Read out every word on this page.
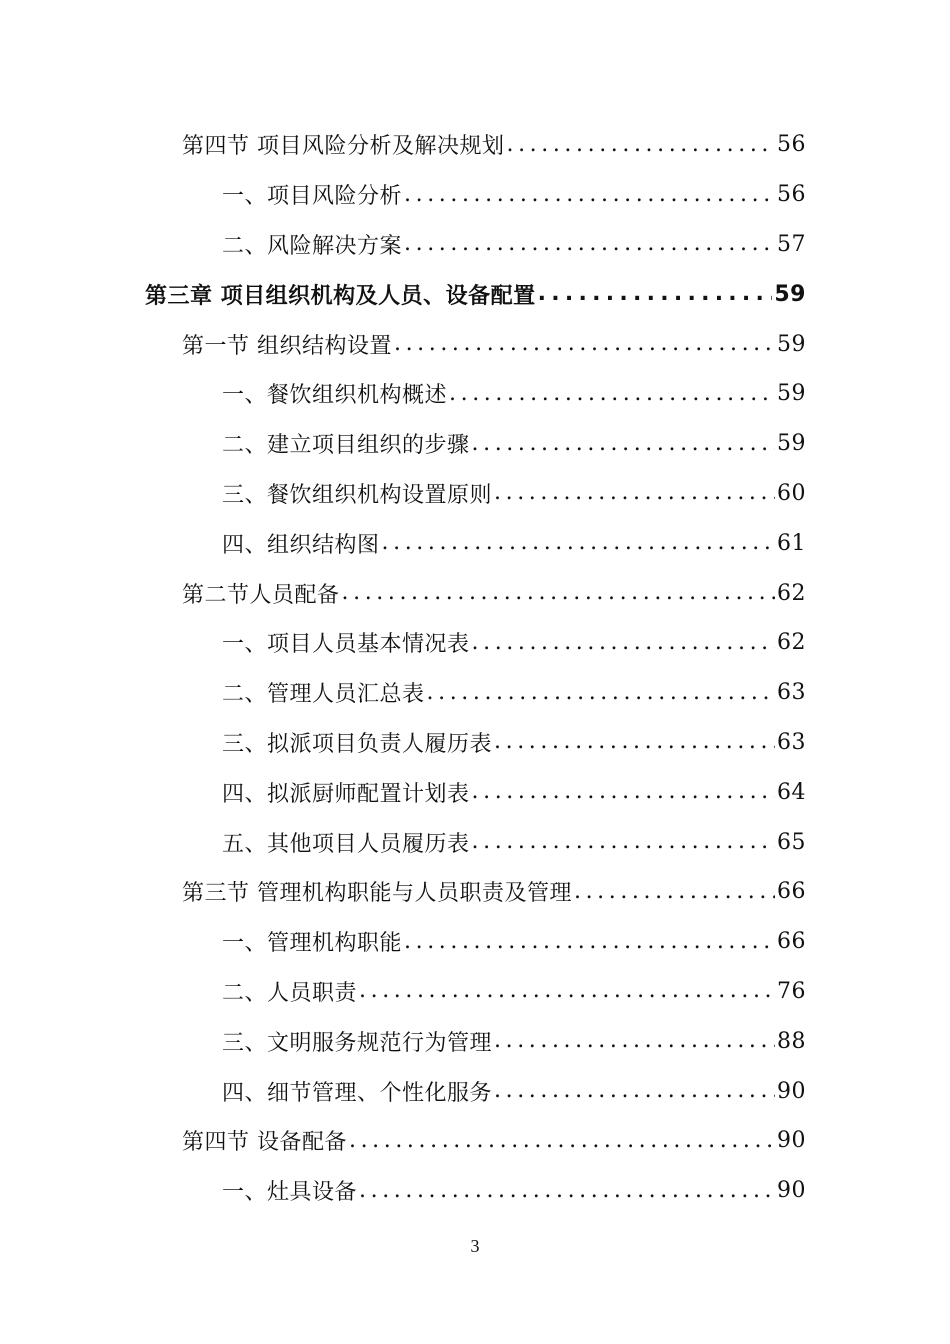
第四节 项目风险分析及解决规划 . . .	56
一、项目风险分析 . . .	56
二、风险解决方案 . . .	57
第三章 项目组织机构及人员、设备配置 . . .	59
第一节 组织结构设置 . . .	59
一、餐饮组织机构概述 . . .	59
二、建立项目组织的步骤 . . .	59
三、餐饮组织机构设置原则 . . .	60
四、组织结构图 . . .	61
第二节人员配备 . . .	62
一、项目人员基本情况表 . . .	62
二、管理人员汇总表 . . .	63
三、拟派项目负责人履历表 . . .	63
四、拟派厨师配置计划表 . . .	64
五、其他项目人员履历表 . . .	65
第三节 管理机构职能与人员职责及管理 . . .	66
一、管理机构职能 . . .	66
二、人员职责 . . .	76
三、文明服务规范行为管理 . . .	88
四、细节管理、个性化服务 . . .	90
第四节 设备配备 . . .	90
一、灶具设备 . . .	90
3
